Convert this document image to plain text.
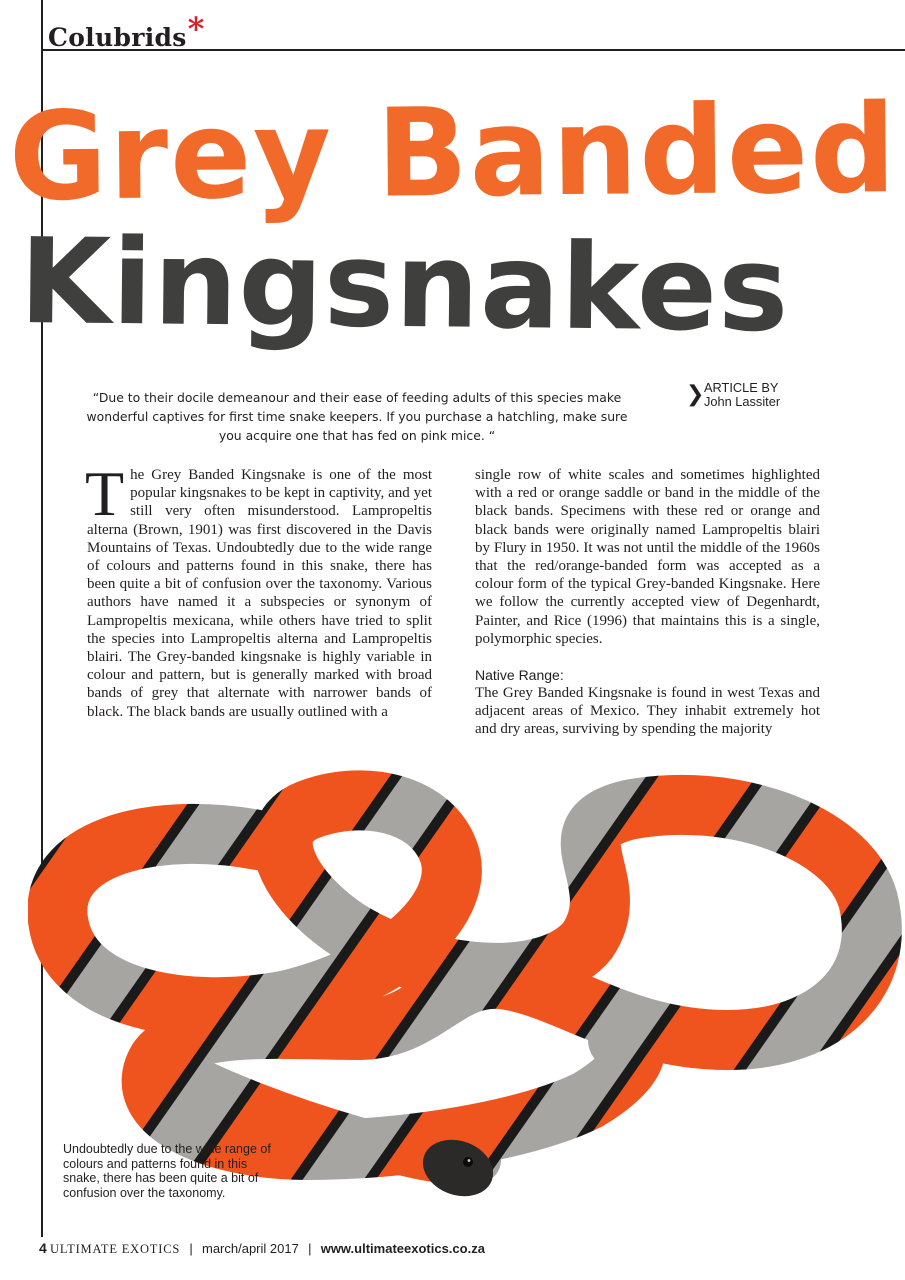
Colubrids*
Grey Banded
Kingsnakes
“Due to their docile demeanour and their ease of feeding adults of this species make wonderful captives for first time snake keepers. If you purchase a hatchling, make sure you acquire one that has fed on pink mice. “
❯ ARTICLE BY
John Lassiter
The Grey Banded Kingsnake is one of the most popular kingsnakes to be kept in captivity, and yet still very often misunderstood. Lampropeltis alterna (Brown, 1901) was first discovered in the Davis Mountains of Texas. Undoubtedly due to the wide range of colours and patterns found in this snake, there has been quite a bit of confusion over the taxonomy. Various authors have named it a subspecies or synonym of Lampropeltis mexicana, while others have tried to split the species into Lampropeltis alterna and Lampropeltis blairi. The Grey-banded kingsnake is highly variable in colour and pattern, but is generally marked with broad bands of grey that alternate with narrower bands of black. The black bands are usually outlined with a

single row of white scales and sometimes highlighted with a red or orange saddle or band in the middle of the black bands. Specimens with these red or orange and black bands were originally named Lampropeltis blairi by Flury in 1950. It was not until the middle of the 1960s that the red/orange-banded form was accepted as a colour form of the typical Grey-banded Kingsnake. Here we follow the currently accepted view of Degenhardt, Painter, and Rice (1996) that maintains this is a single, polymorphic species.

Native Range:

The Grey Banded Kingsnake is found in west Texas and adjacent areas of Mexico. They inhabit extremely hot and dry areas, surviving by spending the majority

Undoubtedly due to the wide range of colours and patterns found in this snake, there has been quite a bit of confusion over the taxonomy.
4 ULTIMATE EXOTICS | march/april 2017 | www.ultimateexotics.co.za
